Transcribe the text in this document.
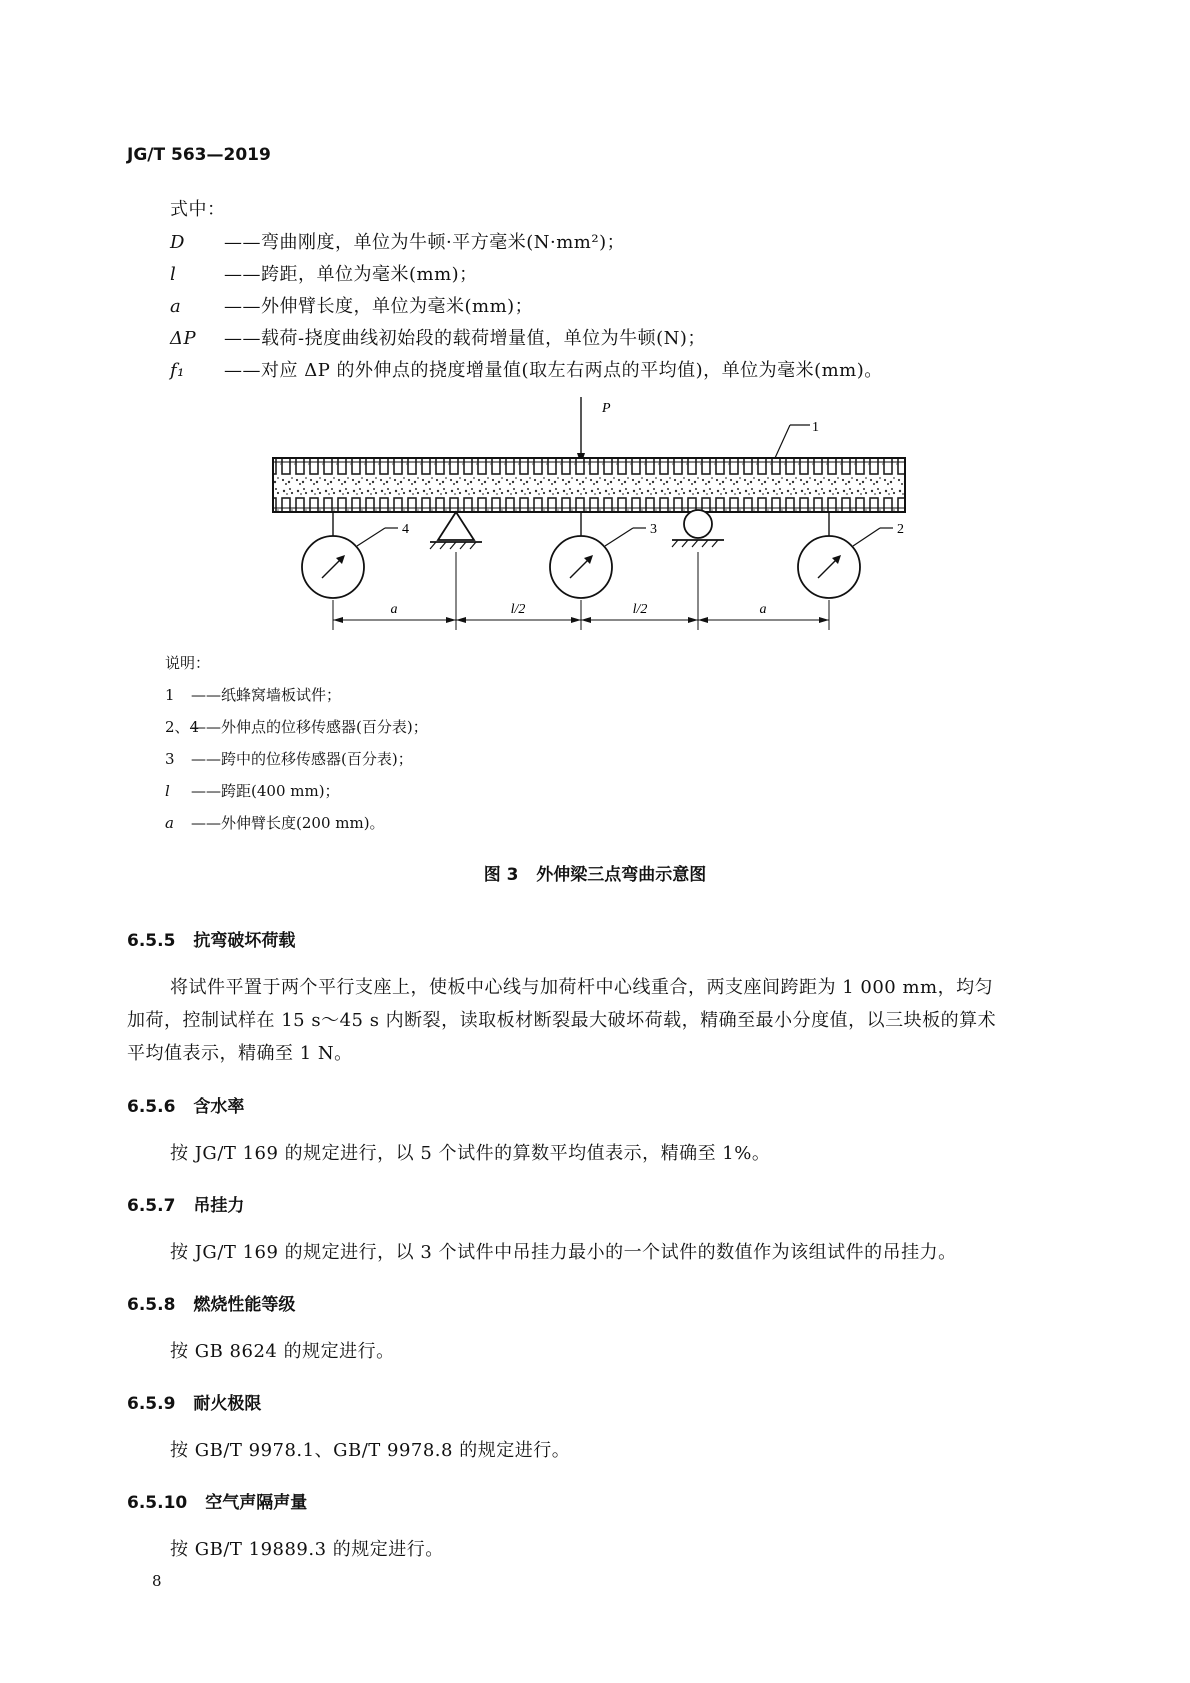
JG/T 563—2019
式中：
D ——弯曲刚度，单位为牛顿·平方毫米(N·mm²)；
l	——跨距，单位为毫米(mm)；
a ——外伸臂长度，单位为毫米(mm)；
ΔP ——载荷-挠度曲线初始段的载荷增量值，单位为牛顿(N)；
f₁ ——对应 ΔP 的外伸点的挠度增量值(取左右两点的平均值)，单位为毫米(mm)。
P
1
4	3	2
a	l/2	l/2	a
说明：
1 ——纸蜂窝墙板试件；
2、4——外伸点的位移传感器(百分表)；
3 ——跨中的位移传感器(百分表)；
l ——跨距(400 mm)；
a ——外伸臂长度(200 mm)。
图 3   外伸梁三点弯曲示意图
6.5.5 抗弯破坏荷载
将试件平置于两个平行支座上，使板中心线与加荷杆中心线重合，两支座间跨距为 1 000 mm，均匀
加荷，控制试样在 15 s～45 s 内断裂，读取板材断裂最大破坏荷载，精确至最小分度值，以三块板的算术
平均值表示，精确至 1 N。
6.5.6 含水率
按 JG/T 169 的规定进行，以 5 个试件的算数平均值表示，精确至 1%。
6.5.7 吊挂力
按 JG/T 169 的规定进行，以 3 个试件中吊挂力最小的一个试件的数值作为该组试件的吊挂力。
6.5.8 燃烧性能等级
按 GB 8624 的规定进行。
6.5.9 耐火极限
按 GB/T 9978.1、GB/T 9978.8 的规定进行。
6.5.10 空气声隔声量
按 GB/T 19889.3 的规定进行。
8
